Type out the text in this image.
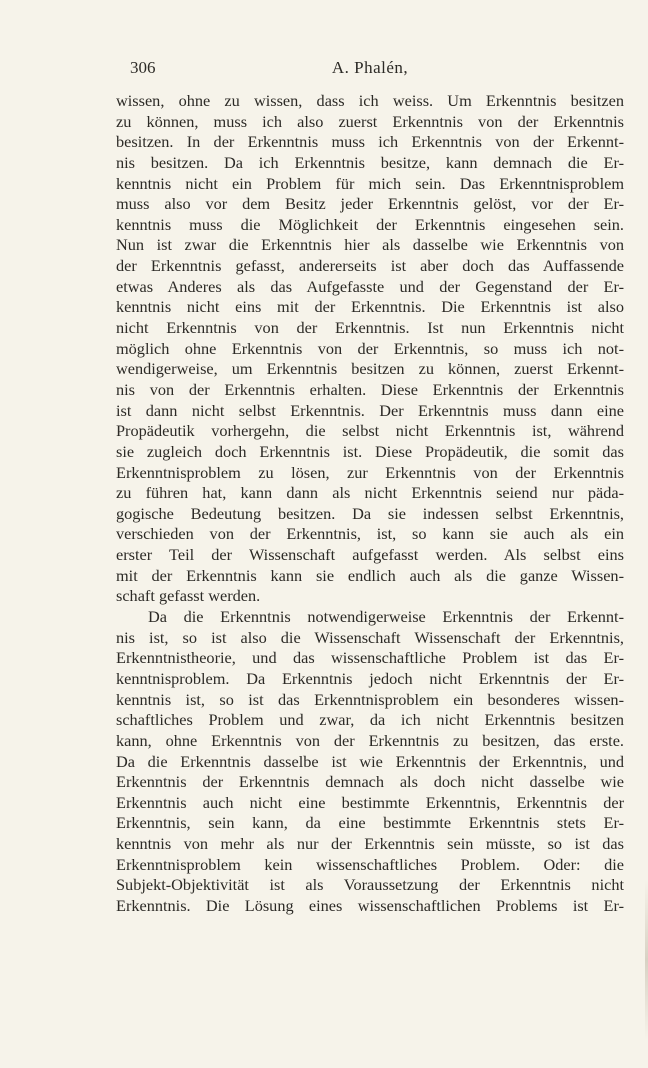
306	A. Phalén,
wissen, ohne zu wissen, dass ich weiss. Um Erkenntnis besitzen
zu können, muss ich also zuerst Erkenntnis von der Erkenntnis
besitzen. In der Erkenntnis muss ich Erkenntnis von der Erkennt-
nis besitzen. Da ich Erkenntnis besitze, kann demnach die Er-
kenntnis nicht ein Problem für mich sein. Das Erkenntnisproblem
muss also vor dem Besitz jeder Erkenntnis gelöst, vor der Er-
kenntnis muss die Möglichkeit der Erkenntnis eingesehen sein.
Nun ist zwar die Erkenntnis hier als dasselbe wie Erkenntnis von
der Erkenntnis gefasst, andererseits ist aber doch das Auffassende
etwas Anderes als das Aufgefasste und der Gegenstand der Er-
kenntnis nicht eins mit der Erkenntnis. Die Erkenntnis ist also
nicht Erkenntnis von der Erkenntnis. Ist nun Erkenntnis nicht
möglich ohne Erkenntnis von der Erkenntnis, so muss ich not-
wendigerweise, um Erkenntnis besitzen zu können, zuerst Erkennt-
nis von der Erkenntnis erhalten. Diese Erkenntnis der Erkenntnis
ist dann nicht selbst Erkenntnis. Der Erkenntnis muss dann eine
Propädeutik vorhergehn, die selbst nicht Erkenntnis ist, während
sie zugleich doch Erkenntnis ist. Diese Propädeutik, die somit das
Erkenntnisproblem zu lösen, zur Erkenntnis von der Erkenntnis
zu führen hat, kann dann als nicht Erkenntnis seiend nur päda-
gogische Bedeutung besitzen. Da sie indessen selbst Erkenntnis,
verschieden von der Erkenntnis, ist, so kann sie auch als ein
erster Teil der Wissenschaft aufgefasst werden. Als selbst eins
mit der Erkenntnis kann sie endlich auch als die ganze Wissen-
schaft gefasst werden.
Da die Erkenntnis notwendigerweise Erkenntnis der Erkennt-
nis ist, so ist also die Wissenschaft Wissenschaft der Erkenntnis,
Erkenntnistheorie, und das wissenschaftliche Problem ist das Er-
kenntnisproblem. Da Erkenntnis jedoch nicht Erkenntnis der Er-
kenntnis ist, so ist das Erkenntnisproblem ein besonderes wissen-
schaftliches Problem und zwar, da ich nicht Erkenntnis besitzen
kann, ohne Erkenntnis von der Erkenntnis zu besitzen, das erste.
Da die Erkenntnis dasselbe ist wie Erkenntnis der Erkenntnis, und
Erkenntnis der Erkenntnis demnach als doch nicht dasselbe wie
Erkenntnis auch nicht eine bestimmte Erkenntnis, Erkenntnis der
Erkenntnis, sein kann, da eine bestimmte Erkenntnis stets Er-
kenntnis von mehr als nur der Erkenntnis sein müsste, so ist das
Erkenntnisproblem kein wissenschaftliches Problem. Oder: die
Subjekt-Objektivität ist als Voraussetzung der Erkenntnis nicht
Erkenntnis. Die Lösung eines wissenschaftlichen Problems ist Er-
